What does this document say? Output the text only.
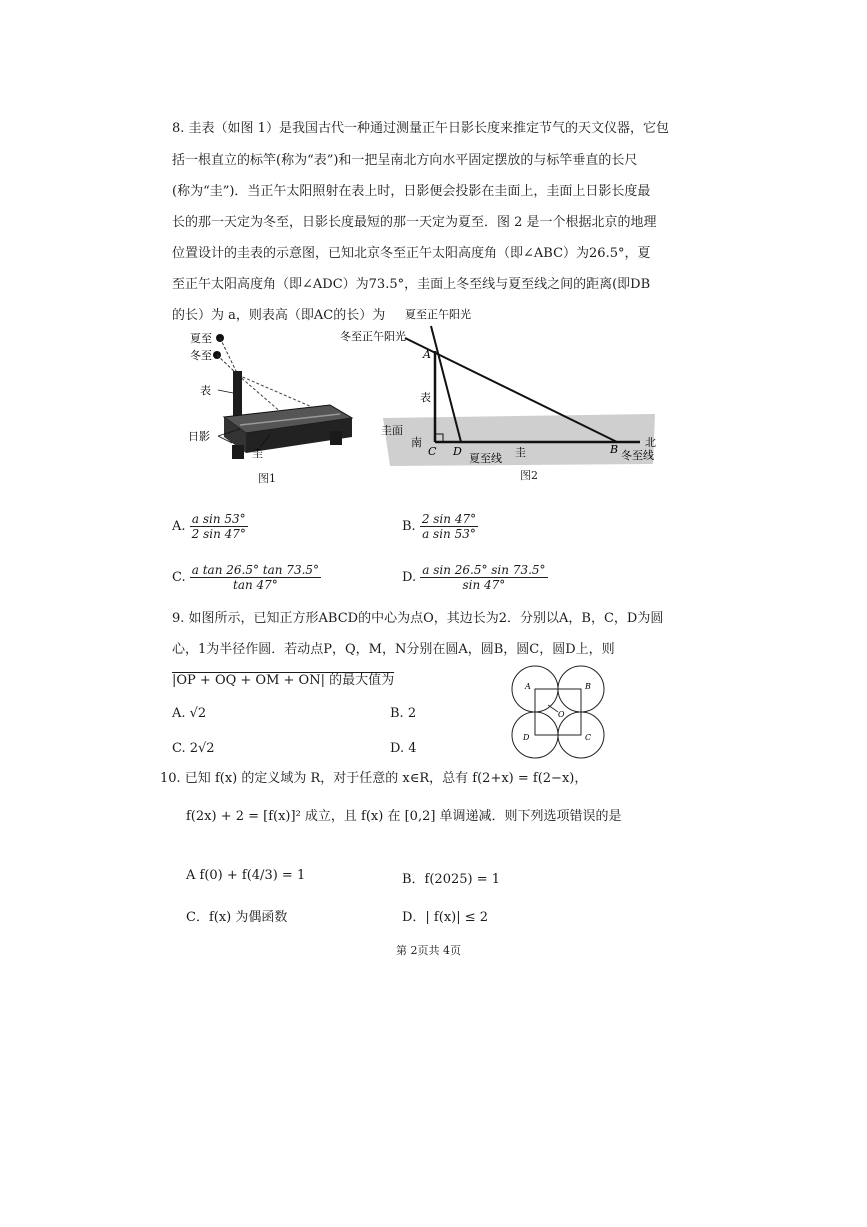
8. 圭表（如图 1）是我国古代一种通过测量正午日影长度来推定节气的天文仪器，它包
括一根直立的标竿(称为“表”)和一把呈南北方向水平固定摆放的与标竿垂直的长尺
(称为“圭”)．当正午太阳照射在表上时，日影便会投影在圭面上，圭面上日影长度最
长的那一天定为冬至，日影长度最短的那一天定为夏至．图 2 是一个根据北京的地理
位置设计的圭表的示意图，已知北京冬至正午太阳高度角（即∠ABC）为26.5°，夏
至正午太阳高度角（即∠ADC）为73.5°，圭面上冬至线与夏至线之间的距离(即DB
的长）为 a，则表高（即AC的长）为
夏至
冬至
表
日影
圭
图1
夏至正午阳光
冬至正午阳光
A
表
圭面
南	北
C D	B
圭
夏至线	冬至线
图2
A. $\frac{\text{a sin 53°}}{2 \sin 47^\circ}$	B. $\frac{2 \sin 47^\circ}{\text{a sin 53°}}$
C. $\frac{\text{a tan 26.5° tan 73.5°}}{\tan 47^\circ}$	D. $\frac{\text{a sin 26.5° sin 73.5°}}{\sin 47^\circ}$
9. 如图所示，已知正方形ABCD的中心为点O，其边长为2．分别以A，B，C，D为圆
心，1为半径作圆．若动点P，Q，M，N分别在圆A，圆B，圆C，圆D上，则
|OP + OQ + OM + ON| 的最大值为	A	B
C
D
O
A. √2	B. 2
C. 2√2	D. 4
10. 已知 f(x) 的定义域为 R，对于任意的 x∈R，总有 f(2+x) = f(2−x)，
f(2x) + 2 = [f(x)]² 成立，且 f(x) 在 [0,2] 单调递减．则下列选项错误的是
A f(0) + f(4/3) = 1	B．f(2025) = 1
C．f(x) 为偶函数	D．| f(x)| ≤ 2
第 2页共 4页
